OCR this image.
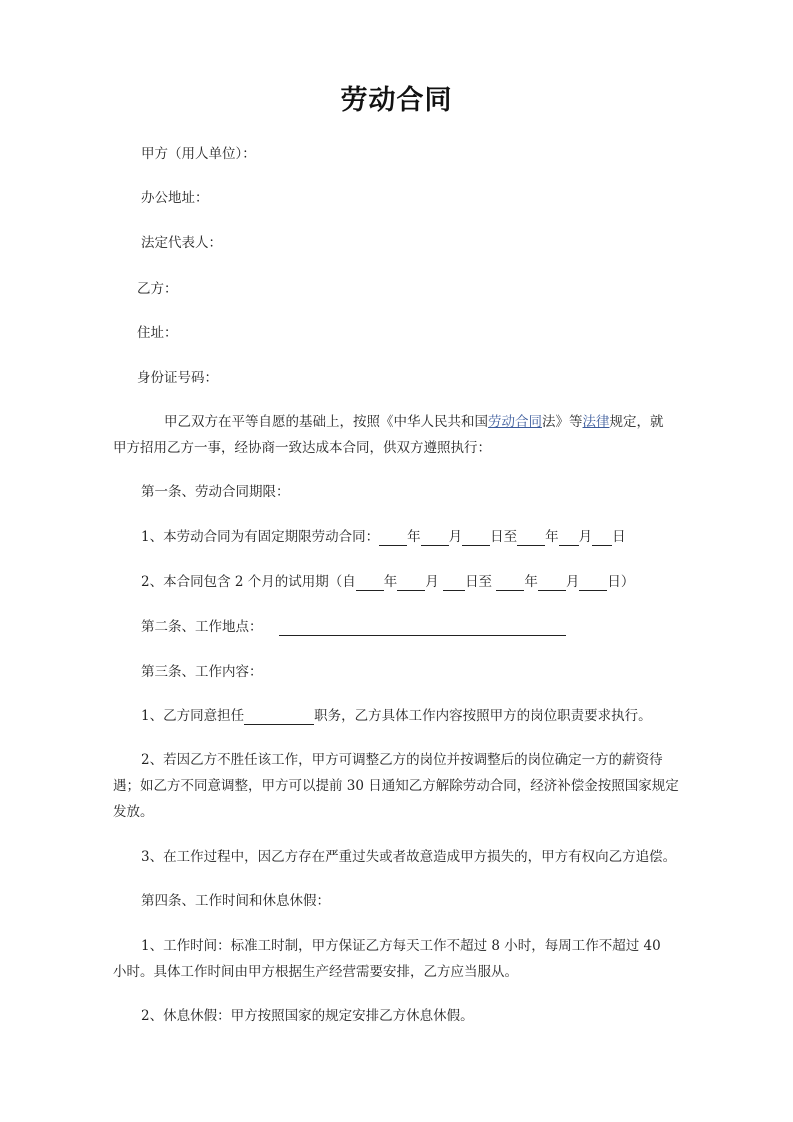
劳动合同
甲方（用人单位）：
办公地址：
法定代表人：
乙方：
住址：
身份证号码：
甲乙双方在平等自愿的基础上，按照《中华人民共和国劳动合同法》等法律规定，就
甲方招用乙方一事，经协商一致达成本合同，供双方遵照执行：
第一条、劳动合同期限：
1、本劳动合同为有固定期限劳动合同： 年 月 日至 年 月 日
2、本合同包含 2 个月的试用期（自 年 月 日至 年 月 日）
第二条、工作地点：
第三条、工作内容：
1、乙方同意担任	职务，乙方具体工作内容按照甲方的岗位职责要求执行。
2、若因乙方不胜任该工作，甲方可调整乙方的岗位并按调整后的岗位确定一方的薪资待遇；如乙方不同意调整，甲方可以提前 30 日通知乙方解除劳动合同，经济补偿金按照国家规定发放。
3、在工作过程中，因乙方存在严重过失或者故意造成甲方损失的，甲方有权向乙方追偿。
第四条、工作时间和休息休假：
1、工作时间：标准工时制，甲方保证乙方每天工作不超过 8 小时，每周工作不超过 40
小时。具体工作时间由甲方根据生产经营需要安排，乙方应当服从。
2、休息休假：甲方按照国家的规定安排乙方休息休假。
